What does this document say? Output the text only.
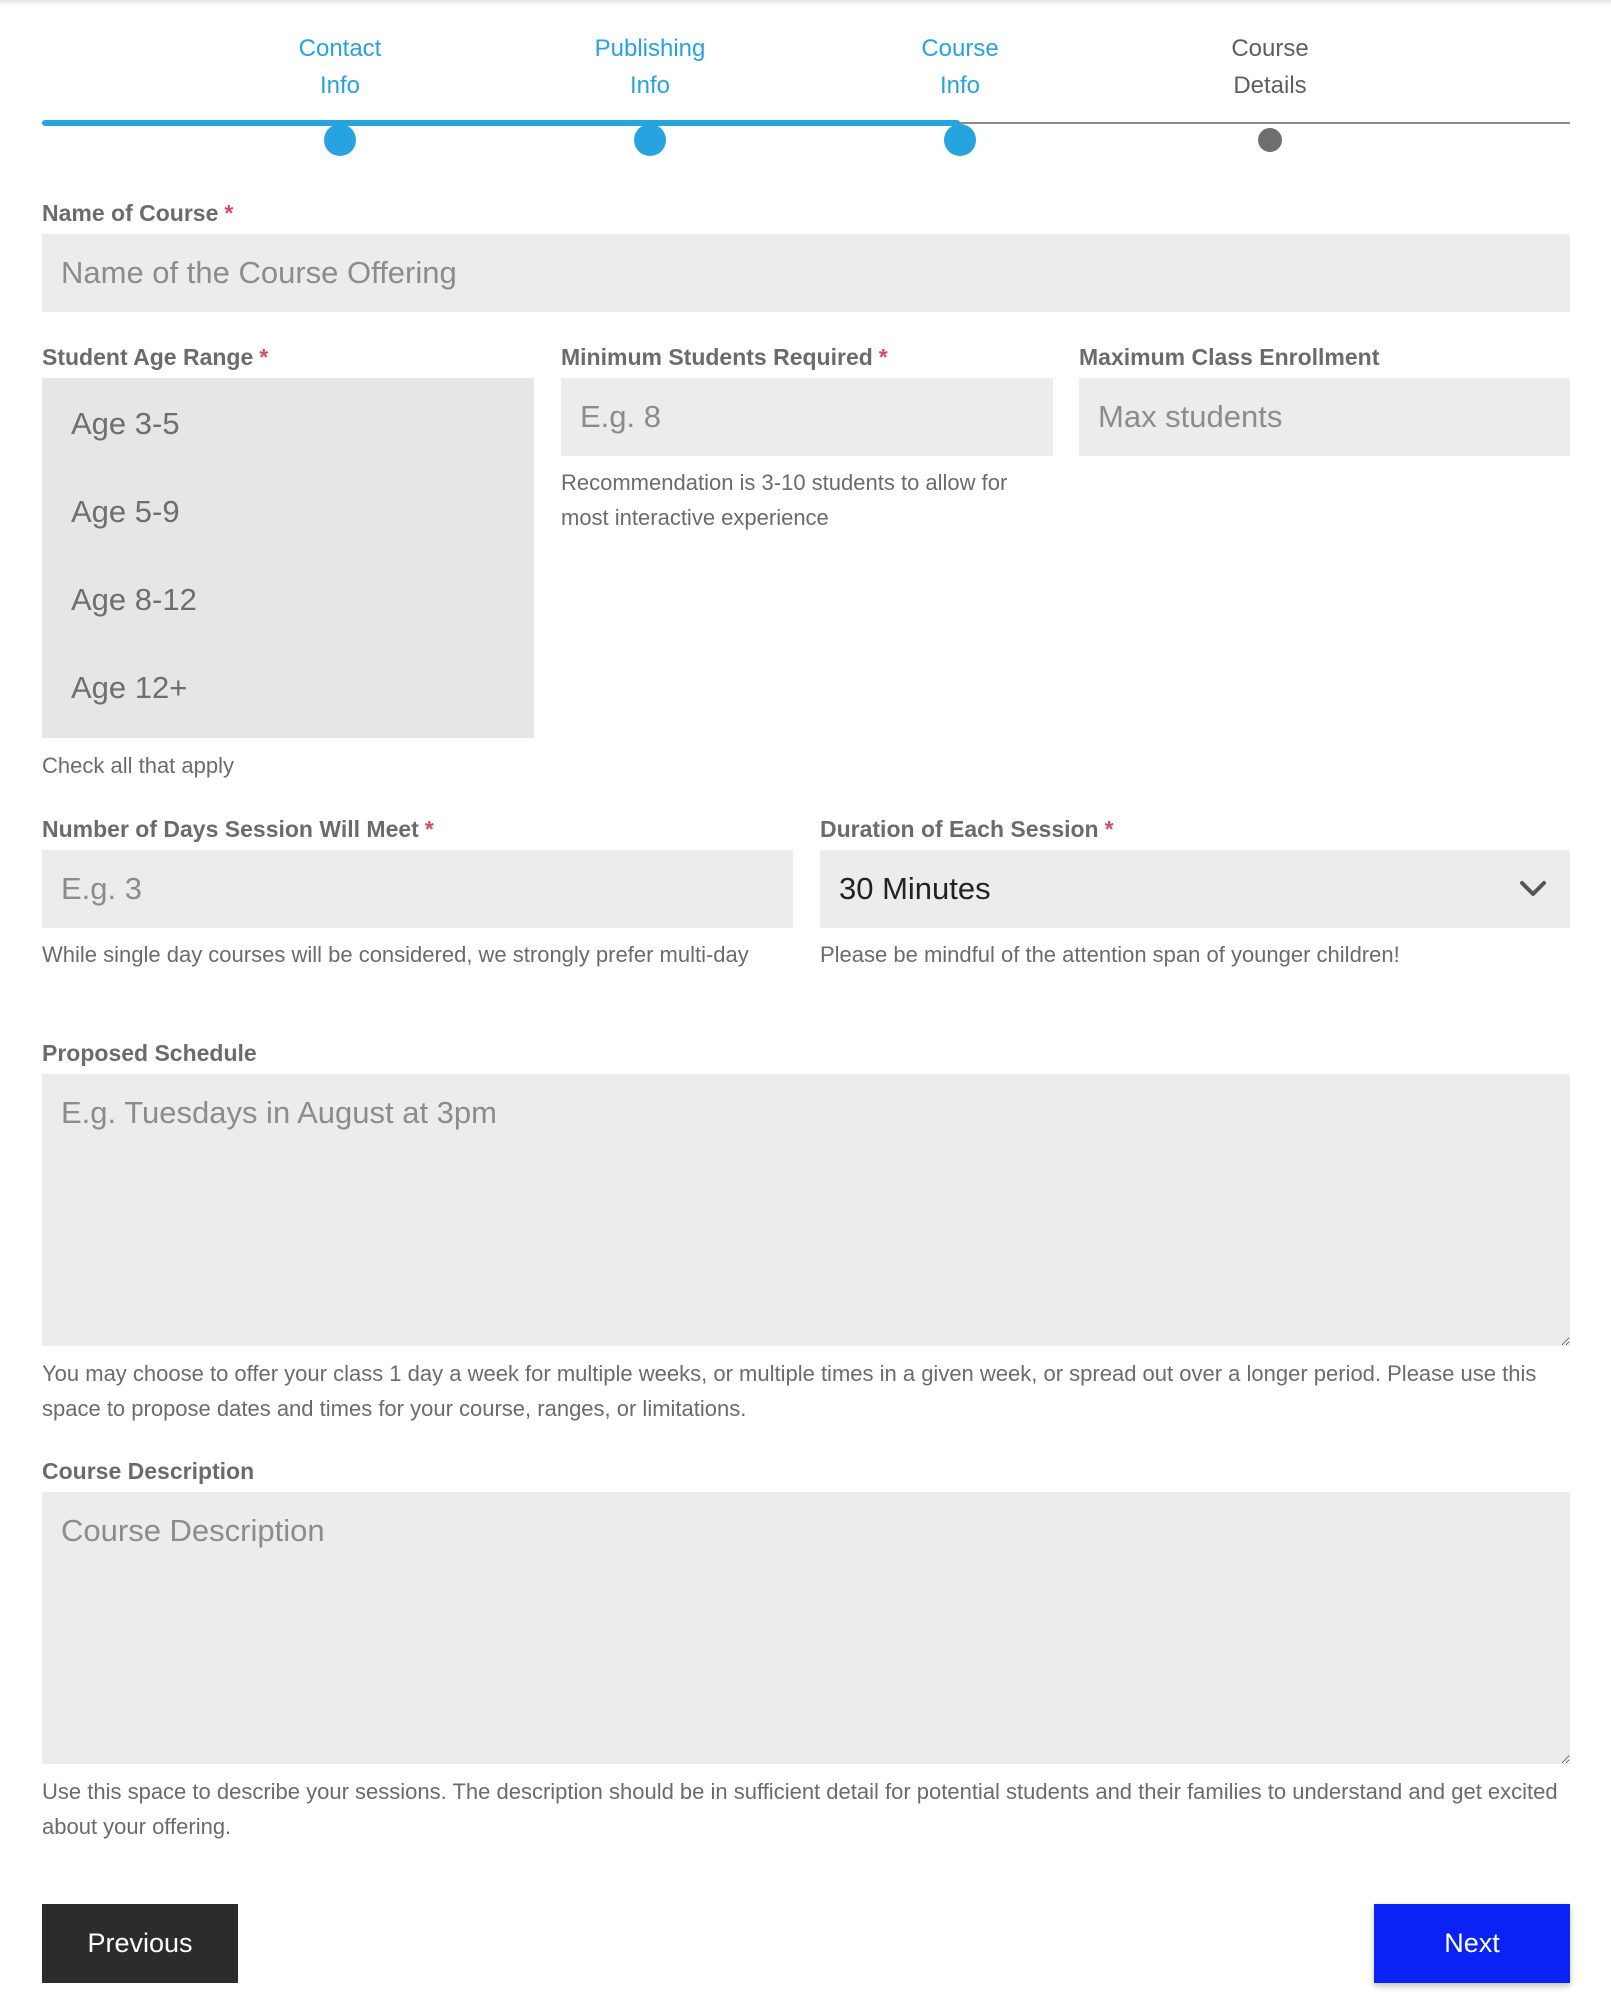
Contact
Info
Publishing
Info
Course
Info
Course
Details
Name of Course *
Name of the Course Offering
Student Age Range *
Age 3-5
Age 5-9
Age 8-12
Age 12+
Check all that apply
Minimum Students Required *
E.g. 8
Recommendation is 3-10 students to allow for most interactive experience
Maximum Class Enrollment
Max students
Number of Days Session Will Meet *
E.g. 3
While single day courses will be considered, we strongly prefer multi-day
Duration of Each Session *
30 Minutes
Please be mindful of the attention span of younger children!
Proposed Schedule
E.g. Tuesdays in August at 3pm
You may choose to offer your class 1 day a week for multiple weeks, or multiple times in a given week, or spread out over a longer period. Please use this space to propose dates and times for your course, ranges, or limitations.
Course Description
Course Description
Use this space to describe your sessions. The description should be in sufficient detail for potential students and their families to understand and get excited about your offering.
Previous	Next
